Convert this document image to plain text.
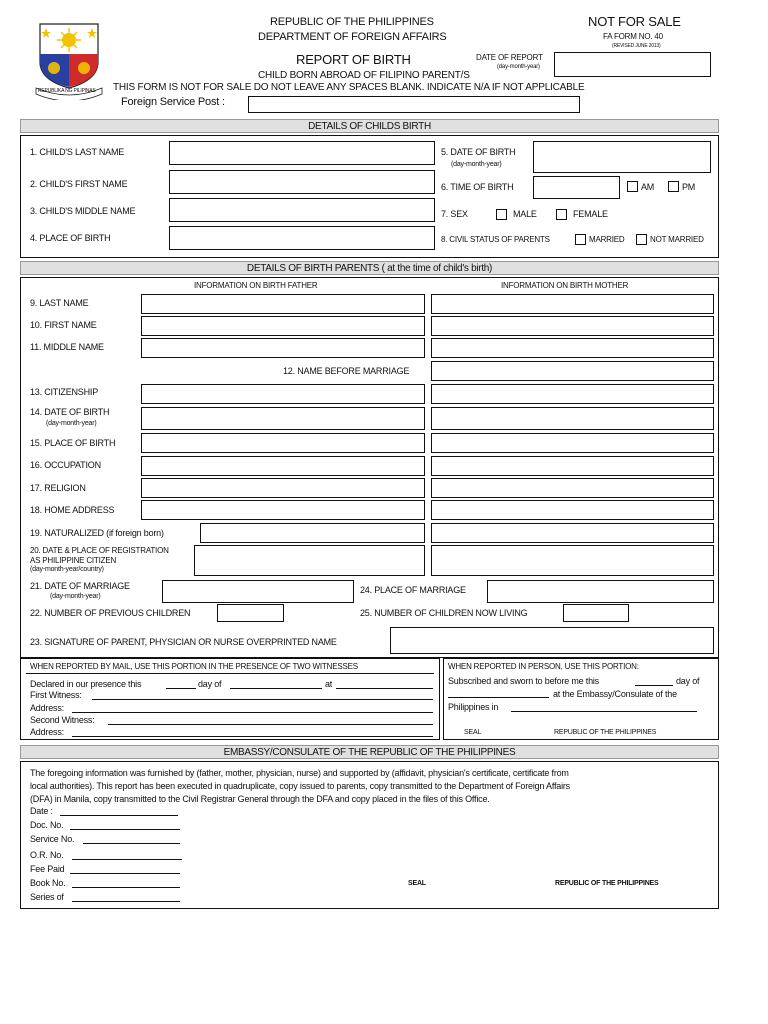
REPUBLIKA NG PILIPINAS
REPUBLIC OF THE PHILIPPINES
DEPARTMENT OF FOREIGN AFFAIRS
NOT FOR SALE
FA FORM NO. 40
(REVISED JUNE 2013)
REPORT OF BIRTH	DATE OF REPORT
(day-month-year)
CHILD BORN ABROAD OF FILIPINO PARENT/S
THIS FORM IS NOT FOR SALE DO NOT LEAVE ANY SPACES BLANK. INDICATE N/A IF NOT APPLICABLE
Foreign Service Post :
DETAILS OF CHILDS BIRTH
1. CHILD'S LAST NAME
2. CHILD'S FIRST NAME
3. CHILD'S MIDDLE NAME
4. PLACE OF BIRTH
5. DATE OF BIRTH
(day-month-year)
6. TIME OF BIRTH	AM	PM
7. SEX	MALE	FEMALE
8. CIVIL STATUS OF PARENTS	MARRIED	NOT MARRIED
DETAILS OF BIRTH PARENTS ( at the time of child's birth)
INFORMATION ON BIRTH FATHER	INFORMATION ON BIRTH MOTHER
9. LAST NAME
10. FIRST NAME
11. MIDDLE NAME
12. NAME BEFORE MARRIAGE
13. CITIZENSHIP
14. DATE OF BIRTH
(day-month-year)
15. PLACE OF BIRTH
16. OCCUPATION
17. RELIGION
18. HOME ADDRESS
19. NATURALIZED (if foreign born)
20. DATE & PLACE OF REGISTRATION
AS PHILIPPINE CITIZEN
(day-month-year/country)
21. DATE OF MARRIAGE
(day-month-year)
24. PLACE OF MARRIAGE
22. NUMBER OF PREVIOUS CHILDREN	25. NUMBER OF CHILDREN NOW LIVING
23. SIGNATURE OF PARENT, PHYSICIAN OR NURSE OVERPRINTED NAME
WHEN REPORTED BY MAIL, USE THIS PORTION IN THE PRESENCE OF TWO WITNESSES
Declared in our presence this	day of	at
First Witness:
Address:
Second Witness:
Address:
WHEN REPORTED IN PERSON, USE THIS PORTION:
Subscribed and sworn to before me this	day of
at the Embassy/Consulate of the
Philippines in
SEAL	REPUBLIC OF THE PHILIPPINES
EMBASSY/CONSULATE OF THE REPUBLIC OF THE PHILIPPINES
The foregoing information was furnished by (father, mother, physician, nurse) and supported by (affidavit, physician's certificate, certificate from
local authorities). This report has been executed in quadruplicate, copy issued to parents, copy transmitted to the Department of Foreign Affairs
(DFA) in Manila, copy transmitted to the Civil Registrar General through the DFA and copy placed in the files of this Office.
Date :
Doc. No.
Service No.
O.R. No.
Fee Paid
Book No.
Series of
SEAL	REPUBLIC OF THE PHILIPPINES
